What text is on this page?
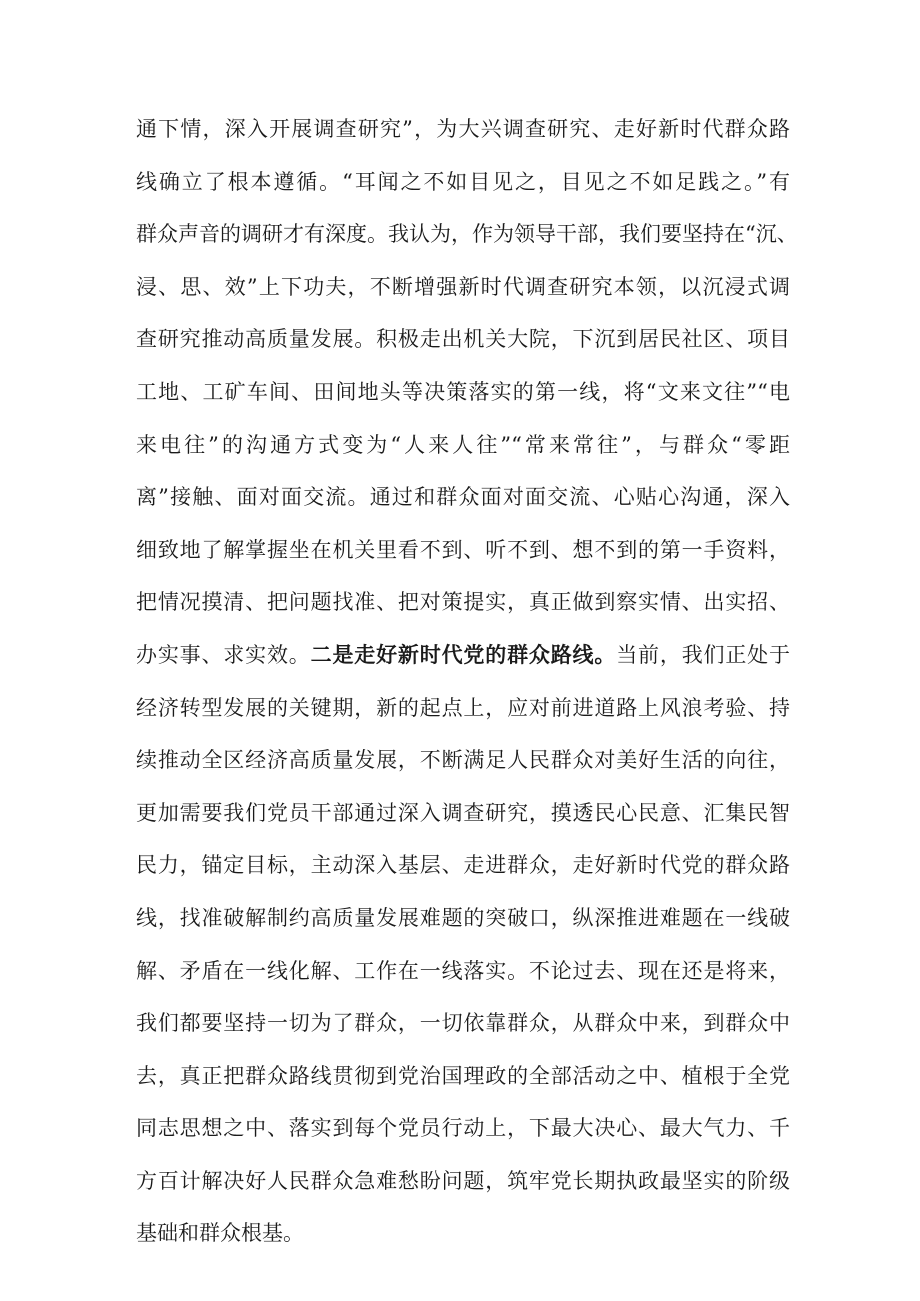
通下情，深入开展调查研究”，为大兴调查研究、走好新时代群众路
线确立了根本遵循。“耳闻之不如目见之，目见之不如足践之。”有
群众声音的调研才有深度。我认为，作为领导干部，我们要坚持在“沉、
浸、思、效”上下功夫，不断增强新时代调查研究本领，以沉浸式调
查研究推动高质量发展。积极走出机关大院，下沉到居民社区、项目
工地、工矿车间、田间地头等决策落实的第一线，将“文来文往”“电
来电往”的沟通方式变为“人来人往”“常来常往”，与群众“零距
离”接触、面对面交流。通过和群众面对面交流、心贴心沟通，深入
细致地了解掌握坐在机关里看不到、听不到、想不到的第一手资料，
把情况摸清、把问题找准、把对策提实，真正做到察实情、出实招、
办实事、求实效。二是走好新时代党的群众路线。当前，我们正处于
经济转型发展的关键期，新的起点上，应对前进道路上风浪考验、持
续推动全区经济高质量发展，不断满足人民群众对美好生活的向往，
更加需要我们党员干部通过深入调查研究，摸透民心民意、汇集民智
民力，锚定目标，主动深入基层、走进群众，走好新时代党的群众路
线，找准破解制约高质量发展难题的突破口，纵深推进难题在一线破
解、矛盾在一线化解、工作在一线落实。不论过去、现在还是将来，
我们都要坚持一切为了群众，一切依靠群众，从群众中来，到群众中
去，真正把群众路线贯彻到党治国理政的全部活动之中、植根于全党
同志思想之中、落实到每个党员行动上，下最大决心、最大气力、千
方百计解决好人民群众急难愁盼问题，筑牢党长期执政最坚实的阶级
基础和群众根基。
